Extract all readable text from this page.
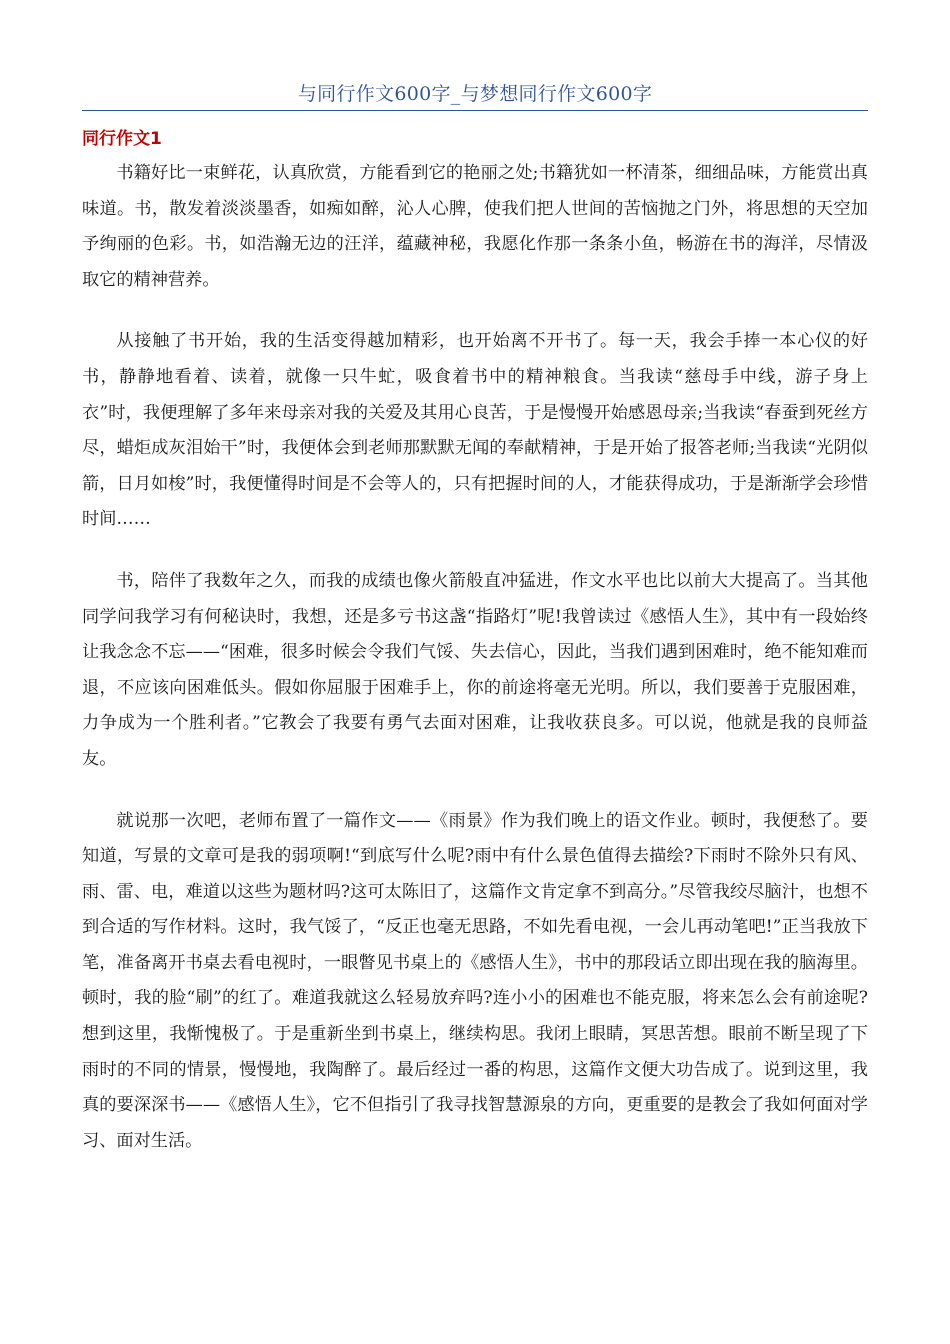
与同行作文600字_与梦想同行作文600字
同行作文1

书籍好比一束鲜花，认真欣赏，方能看到它的艳丽之处;书籍犹如一杯清茶，细细品味，方能赏出真味道。书，散发着淡淡墨香，如痴如醉，沁人心脾，使我们把人世间的苦恼抛之门外，将思想的天空加予绚丽的色彩。书，如浩瀚无边的汪洋，蕴藏神秘，我愿化作那一条条小鱼，畅游在书的海洋，尽情汲取它的精神营养。

从接触了书开始，我的生活变得越加精彩，也开始离不开书了。每一天，我会手捧一本心仪的好书，静静地看着、读着，就像一只牛虻，吸食着书中的精神粮食。当我读“慈母手中线，游子身上衣”时，我便理解了多年来母亲对我的关爱及其用心良苦，于是慢慢开始感恩母亲;当我读“春蚕到死丝方尽，蜡炬成灰泪始干”时，我便体会到老师那默默无闻的奉献精神，于是开始了报答老师;当我读“光阴似箭，日月如梭”时，我便懂得时间是不会等人的，只有把握时间的人，才能获得成功，于是渐渐学会珍惜时间……

书，陪伴了我数年之久，而我的成绩也像火箭般直冲猛进，作文水平也比以前大大提高了。当其他同学问我学习有何秘诀时，我想，还是多亏书这盏“指路灯”呢!我曾读过《感悟人生》，其中有一段始终让我念念不忘——“困难，很多时候会令我们气馁、失去信心，因此，当我们遇到困难时，绝不能知难而退，不应该向困难低头。假如你屈服于困难手上，你的前途将毫无光明。所以，我们要善于克服困难，力争成为一个胜利者。”它教会了我要有勇气去面对困难，让我收获良多。可以说，他就是我的良师益友。

就说那一次吧，老师布置了一篇作文——《雨景》作为我们晚上的语文作业。顿时，我便愁了。要知道，写景的文章可是我的弱项啊!“到底写什么呢?雨中有什么景色值得去描绘?下雨时不除外只有风、雨、雷、电，难道以这些为题材吗?这可太陈旧了，这篇作文肯定拿不到高分。”尽管我绞尽脑汁，也想不到合适的写作材料。这时，我气馁了，“反正也毫无思路，不如先看电视，一会儿再动笔吧!”正当我放下笔，准备离开书桌去看电视时，一眼瞥见书桌上的《感悟人生》，书中的那段话立即出现在我的脑海里。顿时，我的脸“刷”的红了。难道我就这么轻易放弃吗?连小小的困难也不能克服，将来怎么会有前途呢?想到这里，我惭愧极了。于是重新坐到书桌上，继续构思。我闭上眼睛，冥思苦想。眼前不断呈现了下雨时的不同的情景，慢慢地，我陶醉了。最后经过一番的构思，这篇作文便大功告成了。说到这里，我真的要深深书——《感悟人生》，它不但指引了我寻找智慧源泉的方向，更重要的是教会了我如何面对学习、面对生活。
